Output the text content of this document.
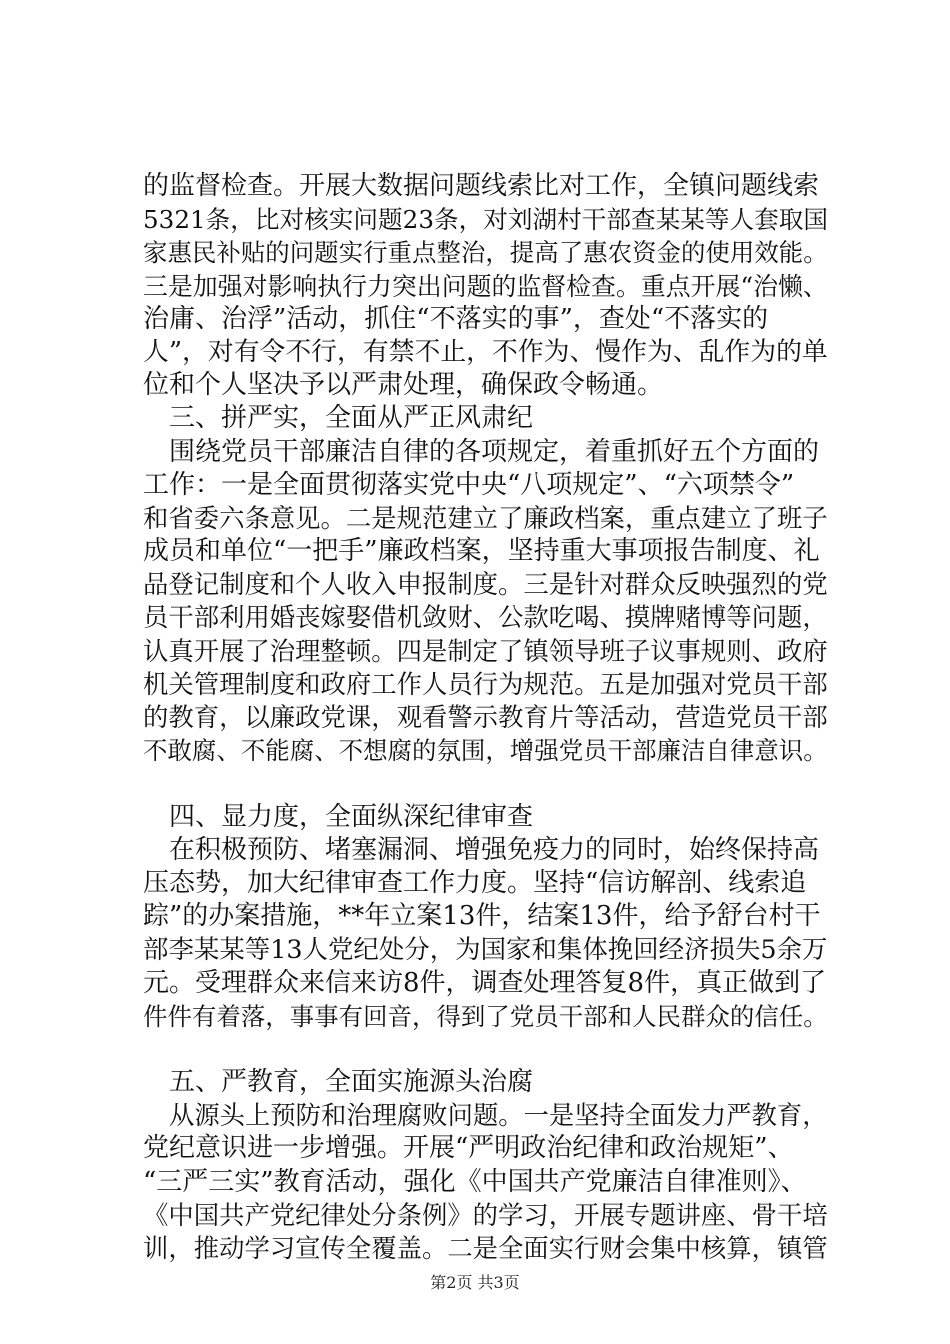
的监督检查。开展大数据问题线索比对工作，全镇问题线索
5321条，比对核实问题23条，对刘湖村干部查某某等人套取国
家惠民补贴的问题实行重点整治，提高了惠农资金的使用效能。
三是加强对影响执行力突出问题的监督检查。重点开展“治懒、
治庸、治浮”活动，抓住“不落实的事”，查处“不落实的
人”，对有令不行，有禁不止，不作为、慢作为、乱作为的单
位和个人坚决予以严肃处理，确保政令畅通。
三、拼严实，全面从严正风肃纪
围绕党员干部廉洁自律的各项规定，着重抓好五个方面的
工作：一是全面贯彻落实党中央“八项规定”、“六项禁令”
和省委六条意见。二是规范建立了廉政档案，重点建立了班子
成员和单位“一把手”廉政档案，坚持重大事项报告制度、礼
品登记制度和个人收入申报制度。三是针对群众反映强烈的党
员干部利用婚丧嫁娶借机敛财、公款吃喝、摸牌赌博等问题，
认真开展了治理整顿。四是制定了镇领导班子议事规则、政府
机关管理制度和政府工作人员行为规范。五是加强对党员干部
的教育，以廉政党课，观看警示教育片等活动，营造党员干部
不敢腐、不能腐、不想腐的氛围，增强党员干部廉洁自律意识。
四、显力度，全面纵深纪律审查
在积极预防、堵塞漏洞、增强免疫力的同时，始终保持高
压态势，加大纪律审查工作力度。坚持“信访解剖、线索追
踪”的办案措施，**年立案13件，结案13件，给予舒台村干
部李某某等13人党纪处分，为国家和集体挽回经济损失5余万
元。受理群众来信来访8件，调查处理答复8件，真正做到了
件件有着落，事事有回音，得到了党员干部和人民群众的信任。
五、严教育，全面实施源头治腐
从源头上预防和治理腐败问题。一是坚持全面发力严教育，
党纪意识进一步增强。开展“严明政治纪律和政治规矩”、
“三严三实”教育活动，强化《中国共产党廉洁自律准则》、
《中国共产党纪律处分条例》的学习，开展专题讲座、骨干培
训，推动学习宣传全覆盖。二是全面实行财会集中核算，镇管
第2页 共3页
